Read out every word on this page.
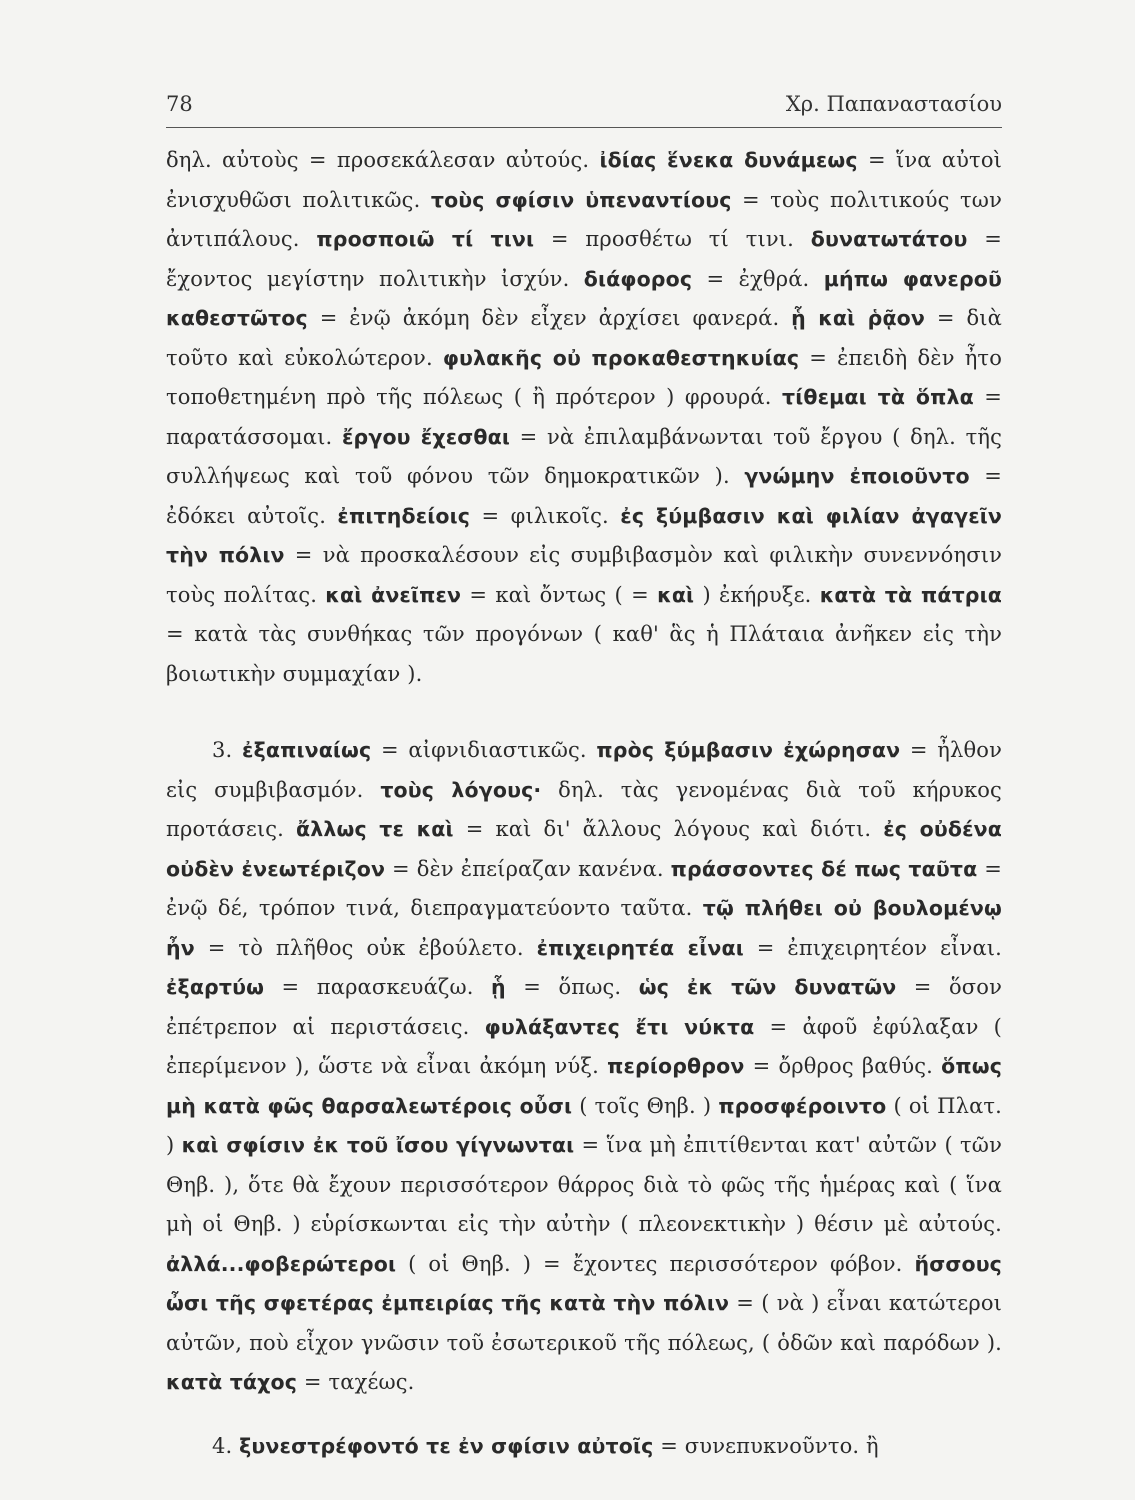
78	Χρ. Παπαναστασίου

δηλ. αὐτοὺς = προσεκάλεσαν αὐτούς. ἰδίας ἕνεκα δυνάμεως = ἵνα αὐτοὶ ἐνισχυθῶσι πολιτικῶς. τοὺς σφίσιν ὑπεναντίους = τοὺς πολιτικούς των ἀντιπάλους. προσποιῶ τί τινι = προσθέτω τί τινι. δυνατωτάτου = ἔχοντος μεγίστην πολιτικὴν ἰσχύν. διάφορος = ἐχθρά. μήπω φανεροῦ καθεστῶτος = ἐνῷ ἀκόμη δὲν εἶχεν ἀρχίσει φανερά. ᾗ καὶ ῥᾷον = διὰ τοῦτο καὶ εὐκολώτερον. φυλακῆς οὐ προκαθεστηκυίας = ἐπειδὴ δὲν ἦτο τοποθετημένη πρὸ τῆς πόλεως ( ἢ πρότερον ) φρουρά. τίθεμαι τὰ ὅπλα = παρατάσσομαι. ἔργου ἔχεσθαι = νὰ ἐπιλαμβάνωνται τοῦ ἔργου ( δηλ. τῆς συλλήψεως καὶ τοῦ φόνου τῶν δημοκρατικῶν ). γνώμην ἐποιοῦντο = ἐδόκει αὐτοῖς. ἐπιτηδείοις = φιλικοῖς. ἐς ξύμβασιν καὶ φιλίαν ἀγαγεῖν τὴν πόλιν = νὰ προσκαλέσουν εἰς συμβιβασμὸν καὶ φιλικὴν συνεννόησιν τοὺς πολίτας. καὶ ἀνεῖπεν = καὶ ὄντως ( = καὶ ) ἐκήρυξε. κατὰ τὰ πάτρια = κατὰ τὰς συνθήκας τῶν προγόνων ( καθ' ἃς ἡ Πλάταια ἀνῆκεν εἰς τὴν βοιωτικὴν συμμαχίαν ).

3. ἐξαπιναίως = αἰφνιδιαστικῶς. πρὸς ξύμβασιν ἐχώρησαν = ἦλθον εἰς συμβιβασμόν. τοὺς λόγους· δηλ. τὰς γενομένας διὰ τοῦ κήρυκος προτάσεις. ἄλλως τε καὶ = καὶ δι' ἄλλους λόγους καὶ διότι. ἐς οὐδένα οὐδὲν ἐνεωτέριζον = δὲν ἐπείραζαν κανένα. πράσσοντες δέ πως ταῦτα = ἐνῷ δέ, τρόπον τινά, διεπραγματεύοντο ταῦτα. τῷ πλήθει οὐ βουλομένῳ ἦν = τὸ πλῆθος οὐκ ἐβούλετο. ἐπιχειρητέα εἶναι = ἐπιχειρητέον εἶναι. ἐξαρτύω = παρασκευάζω. ᾗ = ὅπως. ὡς ἐκ τῶν δυνατῶν = ὅσον ἐπέτρεπον αἱ περιστάσεις. φυλάξαντες ἔτι νύκτα = ἀφοῦ ἐφύλαξαν ( ἐπερίμενον ), ὥστε νὰ εἶναι ἀκόμη νύξ. περίορθρον = ὄρθρος βαθύς. ὅπως μὴ κατὰ φῶς θαρσαλεωτέροις οὖσι ( τοῖς Θηβ. ) προσφέροιντο ( οἱ Πλατ. ) καὶ σφίσιν ἐκ τοῦ ἴσου γίγνωνται = ἵνα μὴ ἐπιτίθενται κατ' αὐτῶν ( τῶν Θηβ. ), ὅτε θὰ ἔχουν περισσότερον θάρρος διὰ τὸ φῶς τῆς ἡμέρας καὶ ( ἵνα μὴ οἱ Θηβ. ) εὑρίσκωνται εἰς τὴν αὐτὴν ( πλεονεκτικὴν ) θέσιν μὲ αὐτούς. ἀλλά...φοβερώτεροι ( οἱ Θηβ. ) = ἔχοντες περισσότερον φόβον. ἥσσους ὦσι τῆς σφετέρας ἐμπειρίας τῆς κατὰ τὴν πόλιν = ( νὰ ) εἶναι κατώτεροι αὐτῶν, ποὺ εἶχον γνῶσιν τοῦ ἐσωτερικοῦ τῆς πόλεως, ( ὁδῶν καὶ παρόδων ). κατὰ τάχος = ταχέως.

4. ξυνεστρέφοντό τε ἐν σφίσιν αὐτοῖς = συνεπυκνοῦντο. ἢ
